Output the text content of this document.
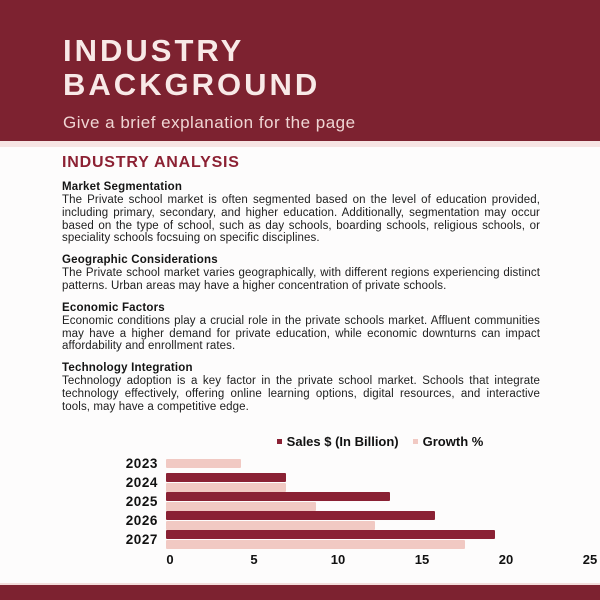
INDUSTRY BACKGROUND
Give a brief explanation for the page
INDUSTRY ANALYSIS
Market Segmentation

The Private school market is often segmented based on the level of education provided, including primary, secondary, and higher education. Additionally, segmentation may occur based on the type of school, such as day schools, boarding schools, religious schools, or speciality schools focsuing on specific disciplines.

Geographic Considerations

The Private school market varies geographically, with different regions experiencing distinct patterns. Urban areas may have a higher concentration of private schools.

Economic Factors

Economic conditions play a crucial role in the private schools market. Affluent communities may have a higher demand for private education, while economic downturns can impact affordability and enrollment rates.

Technology Integration

Technology adoption is a key factor in the private school market. Schools that integrate technology effectively, offering online learning options, digital resources, and interactive tools, may have a competitive edge.

Sales $ (In Billion) Growth %
2023
2024
2025
2026
2027
0	5	10	15	20	25
